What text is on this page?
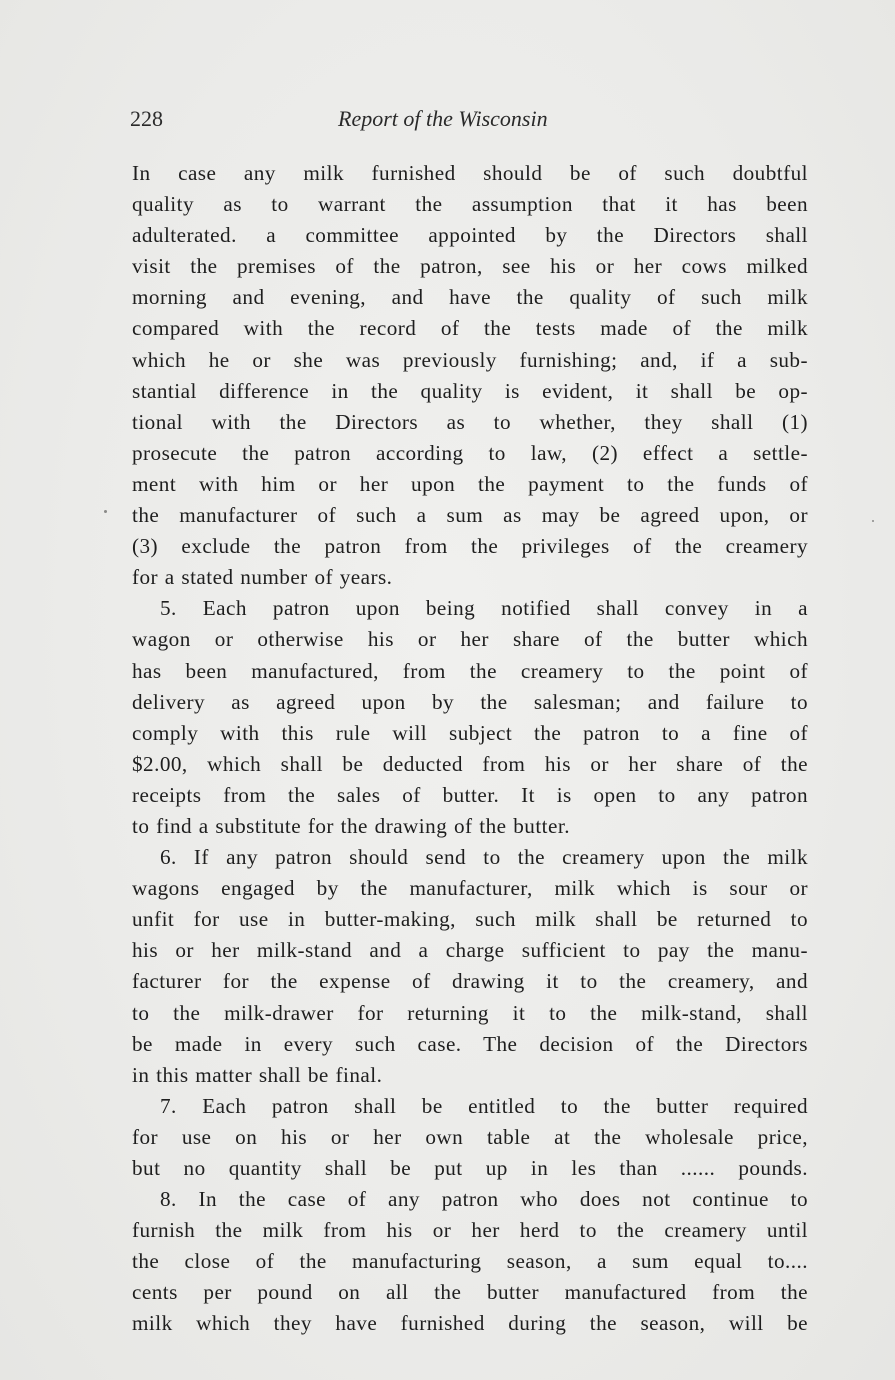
228	Report of the Wisconsin
In case any milk furnished should be of such doubtful
quality as to warrant the assumption that it has been
adulterated. a committee appointed by the Directors shall
visit the premises of the patron, see his or her cows milked
morning and evening, and have the quality of such milk
compared with the record of the tests made of the milk
which he or she was previously furnishing; and, if a sub-
stantial difference in the quality is evident, it shall be op-
tional with the Directors as to whether, they shall (1)
prosecute the patron according to law, (2) effect a settle-
ment with him or her upon the payment to the funds of
the manufacturer of such a sum as may be agreed upon, or
(3) exclude the patron from the privileges of the creamery
for a stated number of years.
5. Each patron upon being notified shall convey in a
wagon or otherwise his or her share of the butter which
has been manufactured, from the creamery to the point of
delivery as agreed upon by the salesman; and failure to
comply with this rule will subject the patron to a fine of
$2.00, which shall be deducted from his or her share of the
receipts from the sales of butter. It is open to any patron
to find a substitute for the drawing of the butter.
6. If any patron should send to the creamery upon the milk
wagons engaged by the manufacturer, milk which is sour or
unfit for use in butter-making, such milk shall be returned to
his or her milk-stand and a charge sufficient to pay the manu-
facturer for the expense of drawing it to the creamery, and
to the milk-drawer for returning it to the milk-stand, shall
be made in every such case. The decision of the Directors
in this matter shall be final.
7. Each patron shall be entitled to the butter required
for use on his or her own table at the wholesale price,
but no quantity shall be put up in les than ...... pounds.
8. In the case of any patron who does not continue to
furnish the milk from his or her herd to the creamery until
the close of the manufacturing season, a sum equal to....
cents per pound on all the butter manufactured from the
milk which they have furnished during the season, will be
